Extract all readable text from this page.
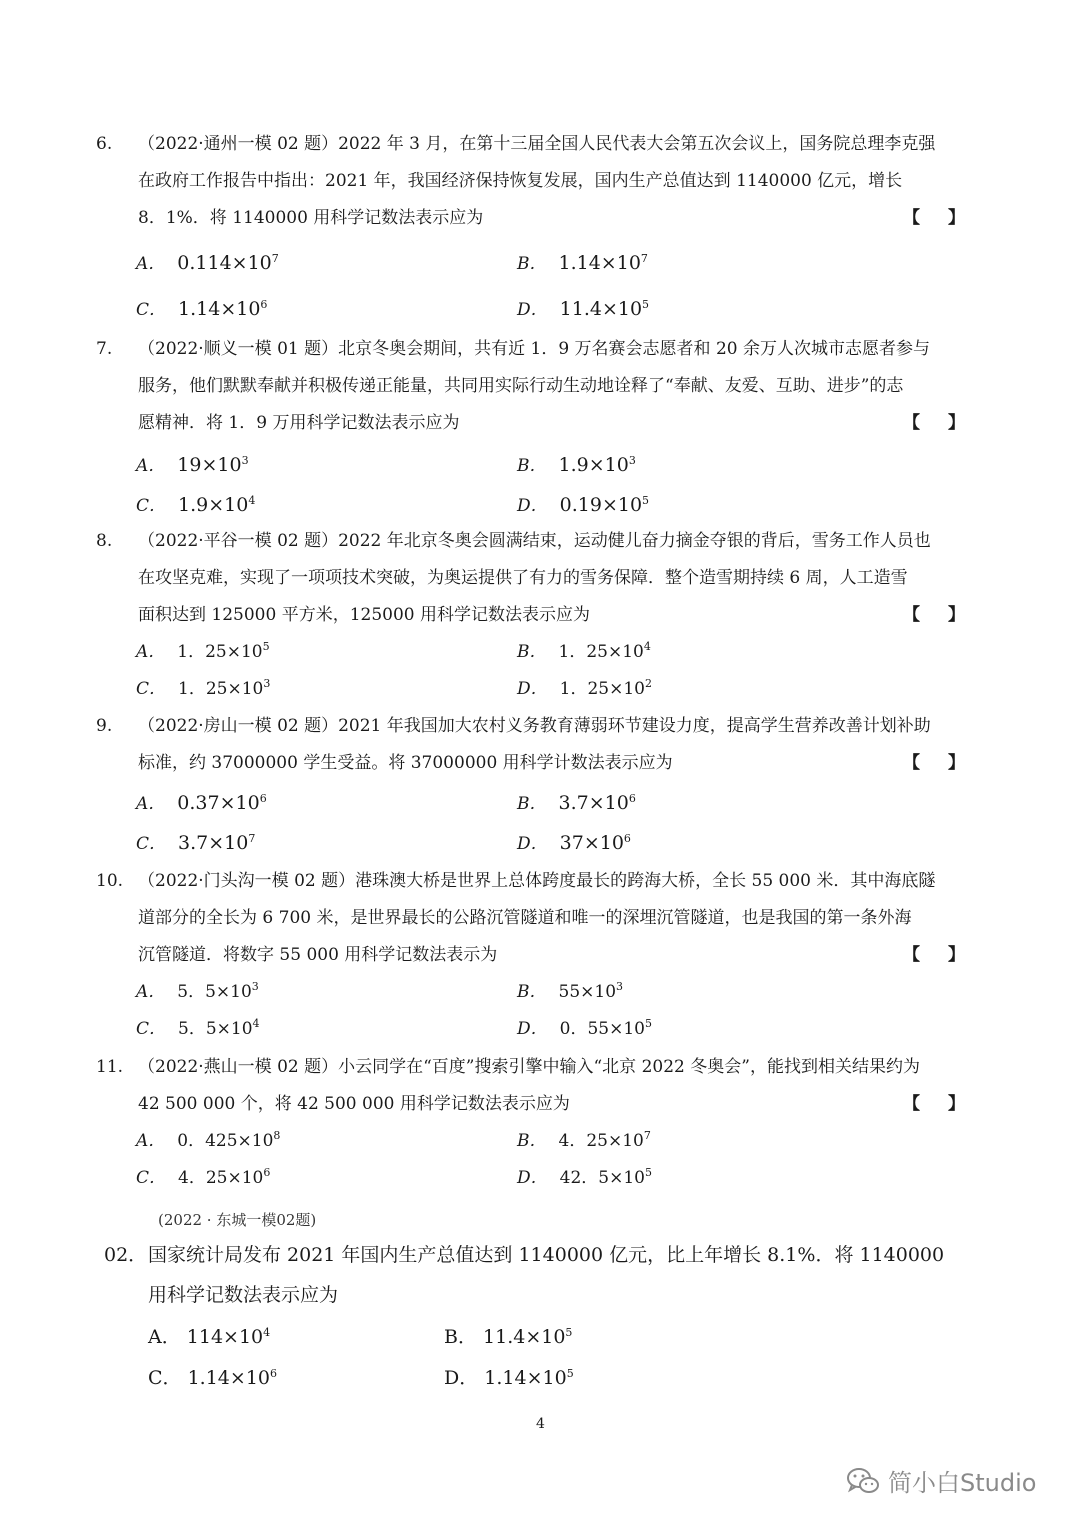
6. （2022·通州一模 02 题）2022 年 3 月，在第十三届全国人民代表大会第五次会议上，国务院总理李克强
在政府工作报告中指出：2021 年，我国经济保持恢复发展，国内生产总值达到 1140000 亿元，增长
8．1%．将 1140000 用科学记数法表示应为	【】
A． $0.114\times 10^7$	B． $1.14\times 10^7$
C． $1.14\times 10^6$	D． $11.4\times 10^5$
7. （2022·顺义一模 01 题）北京冬奥会期间，共有近 1．9 万名赛会志愿者和 20 余万人次城市志愿者参与
服务，他们默默奉献并积极传递正能量，共同用实际行动生动地诠释了“奉献、友爱、互助、进步”的志
愿精神．将 1．9 万用科学记数法表示应为	【】
A． $19\times 10^3$	B． $1.9\times 10^3$
C． $1.9\times 10^4$	D． $0.19\times 10^5$
8. （2022·平谷一模 02 题）2022 年北京冬奥会圆满结束，运动健儿奋力摘金夺银的背后，雪务工作人员也
在攻坚克难，实现了一项项技术突破，为奥运提供了有力的雪务保障．整个造雪期持续 6 周，人工造雪
面积达到 125000 平方米，125000 用科学记数法表示应为	【】
A． 1．$25\times 10^5$	B． 1．$25\times 10^4$
C． 1．$25\times 10^3$	D． 1．$25\times 10^2$
9. （2022·房山一模 02 题）2021 年我国加大农村义务教育薄弱环节建设力度，提高学生营养改善计划补助
标准，约 37000000 学生受益。将 37000000 用科学计数法表示应为	【】
A． $0.37\times 10^6$	B． $3.7\times 10^6$
C． $3.7\times 10^7$	D． $37\times 10^6$
10. （2022·门头沟一模 02 题）港珠澳大桥是世界上总体跨度最长的跨海大桥，全长 55 000 米．其中海底隧
道部分的全长为 6 700 米，是世界最长的公路沉管隧道和唯一的深埋沉管隧道，也是我国的第一条外海
沉管隧道．将数字 55 000 用科学记数法表示为	【】
A． 5．$5\times 10^3$	B． $55\times 10^3$
C． 5．$5\times 10^4$	D． 0．$55\times 10^5$
11. （2022·燕山一模 02 题）小云同学在“百度”搜索引擎中输入“北京 2022 冬奥会”，能找到相关结果约为
42 500 000 个，将 42 500 000 用科学记数法表示应为	【】
A． 0．$425\times 10^8$	B． 4．$25\times 10^7$
C． 4．$25\times 10^6$	D． 42．$5\times 10^5$
(2022 · 东城一模02题)
02． 国家统计局发布 2021 年国内生产总值达到 1140000 亿元，比上年增长 8.1%．将 1140000
用科学记数法表示应为
A． $114\times 10^4$	B． $11.4\times 10^5$
C． $1.14\times 10^6$	D． $1.14\times 10^5$
4
简小白Studio
